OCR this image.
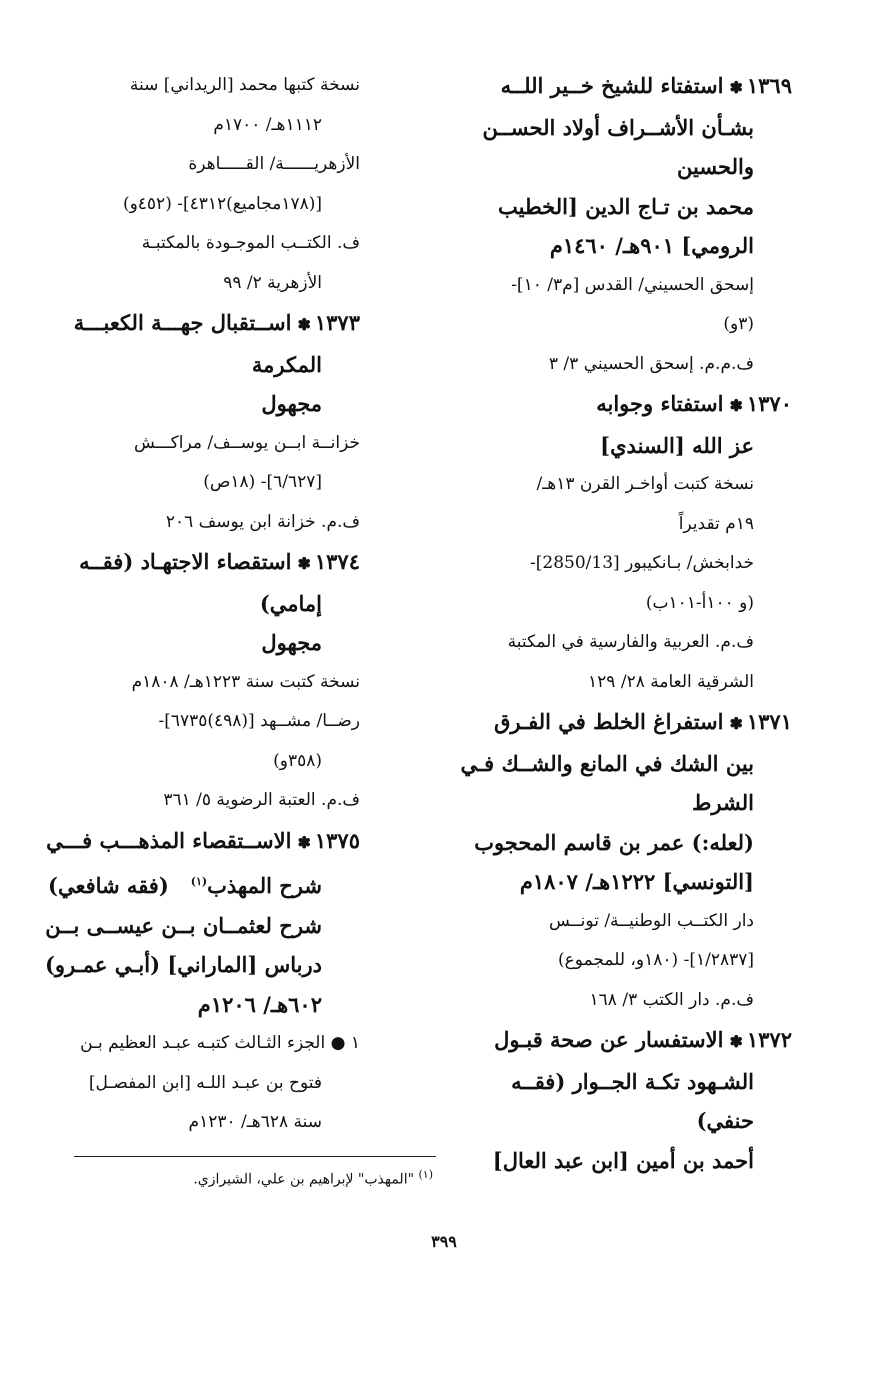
١٣٦٩✽استفتاء للشيخ خــير اللــه
بشـأن الأشــراف أولاد الحســن
والحسين
محمد بن تـاج الدين [الخطيب
الرومي] ٩٠١هـ/ ١٤٦٠م
إسحق الحسيني/ القدس [م٣/ ١٠]-
(٣و)
ف.م.م. إسحق الحسيني ٣/ ٣
١٣٧٠✽استفتاء وجوابه
عز الله [السندي]
نسخة كتبت أواخـر القرن ١٣هـ/
١٩م تقديراً
خدابخش/ بـانكيبور [2850/13]-
(و ١٠٠أ-١٠١ب)
ف.م. العربية والفارسية في المكتبة
الشرقية العامة ٢٨/ ١٢٩
١٣٧١✽استفراغ الخلط في الفـرق
بين الشك في المانع والشــك فـي
الشرط
(لعله:) عمر بن قاسم المحجوب
[التونسي] ١٢٢٢هـ/ ١٨٠٧م
دار الكتــب الوطنيــة/ تونــس
[١/٢٨٣٧]- (١٨٠و، للمجموع)
ف.م. دار الكتب ٣/ ١٦٨
١٣٧٢✽الاستفسار عن صحة قبـول
الشـهود تكـة الجــوار (فقــه
حنفي)
أحمد بن أمين [ابن عبد العال]
نسخة كتبها محمد [الريداني] سنة
١١١٢هـ/ ١٧٠٠م
الأزهريــــــة/ القـــــاهرة
[(١٧٨مجاميع)٤٣١٢]- (٤٥٢و)
ف. الكتــب الموجـودة بالمكتبـة
الأزهرية ٢/ ٩٩
١٣٧٣✽اســتقبال جهـــة الكعبـــة
المكرمة
مجهول
خزانــة ابــن يوســف/ مراكـــش
[٦/٦٢٧]- (١٨ص)
ف.م. خزانة ابن يوسف ٢٠٦
١٣٧٤✽استقصاء الاجتهـاد (فقــه
إمامي)
مجهول
نسخة كتبت سنة ١٢٢٣هـ/ ١٨٠٨م
رضــا/ مشــهد [(٤٩٨)٦٧٣٥]-
(٣٥٨و)
ف.م. العتبة الرضوية ٥/ ٣٦١
١٣٧٥✽الاســتقصاء المذهـــب فـــي
شرح المهذب$^{(١)}$   (فقه شافعي)
شرح لعثمــان بــن عيســى بــن
درباس [الماراني] (أبـي عمـرو)
٦٠٢هـ/ ١٢٠٦م
١ ● الجزء الثـالث كتبـه عبـد العظيم بـن
فتوح بن عبـد اللـه [ابن المفصـل]
سنة ٦٢٨هـ/ ١٢٣٠م
$^{(١)}$ "المهذب" لإبراهيم بن علي، الشيرازي.
٣٩٩
